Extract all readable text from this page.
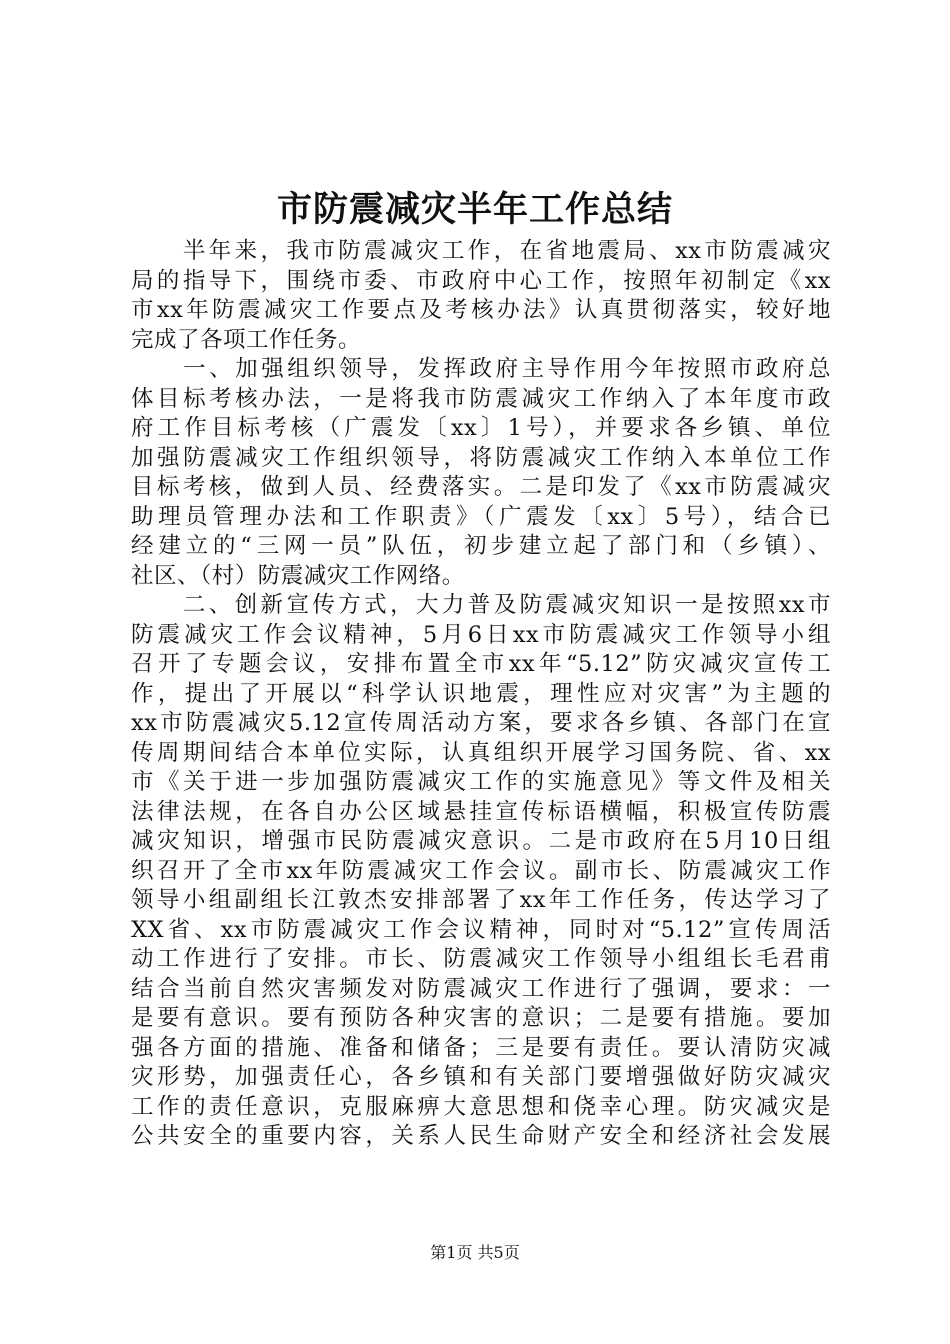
市防震减灾半年工作总结
　　半年来，我市防震减灾工作，在省地震局、xx市防震减灾
局的指导下，围绕市委、市政府中心工作，按照年初制定《xx
市xx年防震减灾工作要点及考核办法》认真贯彻落实，较好地
完成了各项工作任务。
　　一、加强组织领导，发挥政府主导作用今年按照市政府总
体目标考核办法，一是将我市防震减灾工作纳入了本年度市政
府工作目标考核（广震发〔xx〕1号），并要求各乡镇、单位
加强防震减灾工作组织领导，将防震减灾工作纳入本单位工作
目标考核，做到人员、经费落实。二是印发了《xx市防震减灾
助理员管理办法和工作职责》（广震发〔xx〕5号），结合已
经建立的“三网一员”队伍，初步建立起了部门和（乡镇）、
社区、（村）防震减灾工作网络。
　　二、创新宣传方式，大力普及防震减灾知识一是按照xx市
防震减灾工作会议精神，5月6日xx市防震减灾工作领导小组
召开了专题会议，安排布置全市xx年“5.12”防灾减灾宣传工
作，提出了开展以“科学认识地震，理性应对灾害”为主题的
xx市防震减灾5.12宣传周活动方案，要求各乡镇、各部门在宣
传周期间结合本单位实际，认真组织开展学习国务院、省、xx
市《关于进一步加强防震减灾工作的实施意见》等文件及相关
法律法规，在各自办公区域悬挂宣传标语横幅，积极宣传防震
减灾知识，增强市民防震减灾意识。二是市政府在5月10日组
织召开了全市xx年防震减灾工作会议。副市长、防震减灾工作
领导小组副组长江敦杰安排部署了xx年工作任务，传达学习了
XX省、xx市防震减灾工作会议精神，同时对“5.12”宣传周活
动工作进行了安排。市长、防震减灾工作领导小组组长毛君甫
结合当前自然灾害频发对防震减灾工作进行了强调，要求：一
是要有意识。要有预防各种灾害的意识；二是要有措施。要加
强各方面的措施、准备和储备；三是要有责任。要认清防灾减
灾形势，加强责任心，各乡镇和有关部门要增强做好防灾减灾
工作的责任意识，克服麻痹大意思想和侥幸心理。防灾减灾是
公共安全的重要内容，关系人民生命财产安全和经济社会发展
第1页 共5页
